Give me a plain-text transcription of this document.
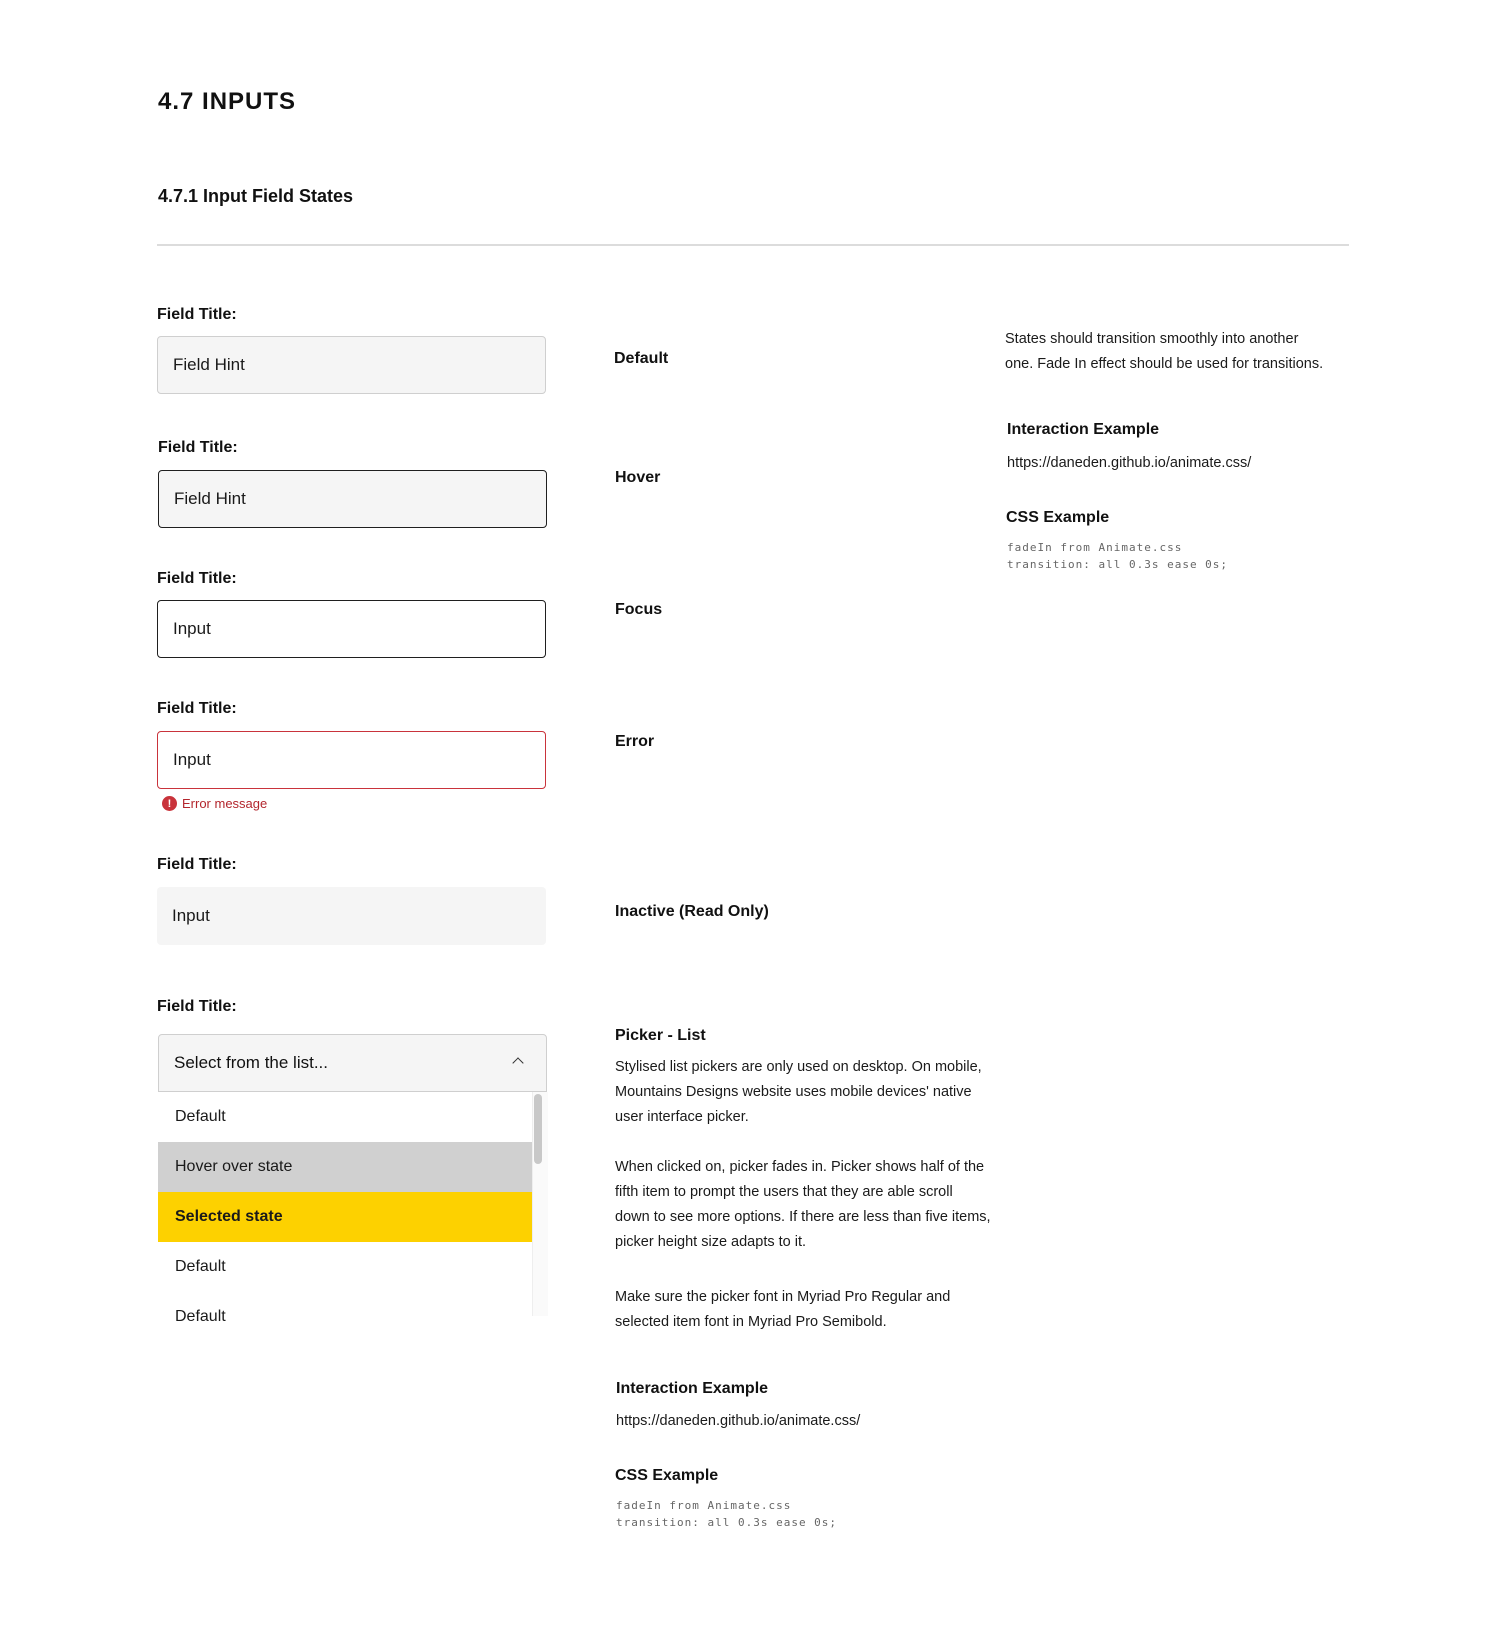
4.7 INPUTS
4.7.1 Input Field States
Field Title:
Field Hint	Default
Field Title:
Field Hint
Hover
Field Title:
Input
Focus
Field Title:
Input
! Error message
Error
Field Title:
Input	Inactive (Read Only)
Field Title:
Select from the list...
Default
Hover over state
Selected state
Default
Default
Picker - List
Stylised list pickers are only used on desktop. On mobile,
Mountains Designs website uses mobile devices' native
user interface picker.
When clicked on, picker fades in. Picker shows half of the
fifth item to prompt the users that they are able scroll
down to see more options. If there are less than five items,
picker height size adapts to it.
Make sure the picker font in Myriad Pro Regular and
selected item font in Myriad Pro Semibold.
Interaction Example
https://daneden.github.io/animate.css/
CSS Example
fadeIn from Animate.css
transition: all 0.3s ease 0s;
States should transition smoothly into another
one. Fade In effect should be used for transitions.
Interaction Example
https://daneden.github.io/animate.css/
CSS Example
fadeIn from Animate.css
transition: all 0.3s ease 0s;
